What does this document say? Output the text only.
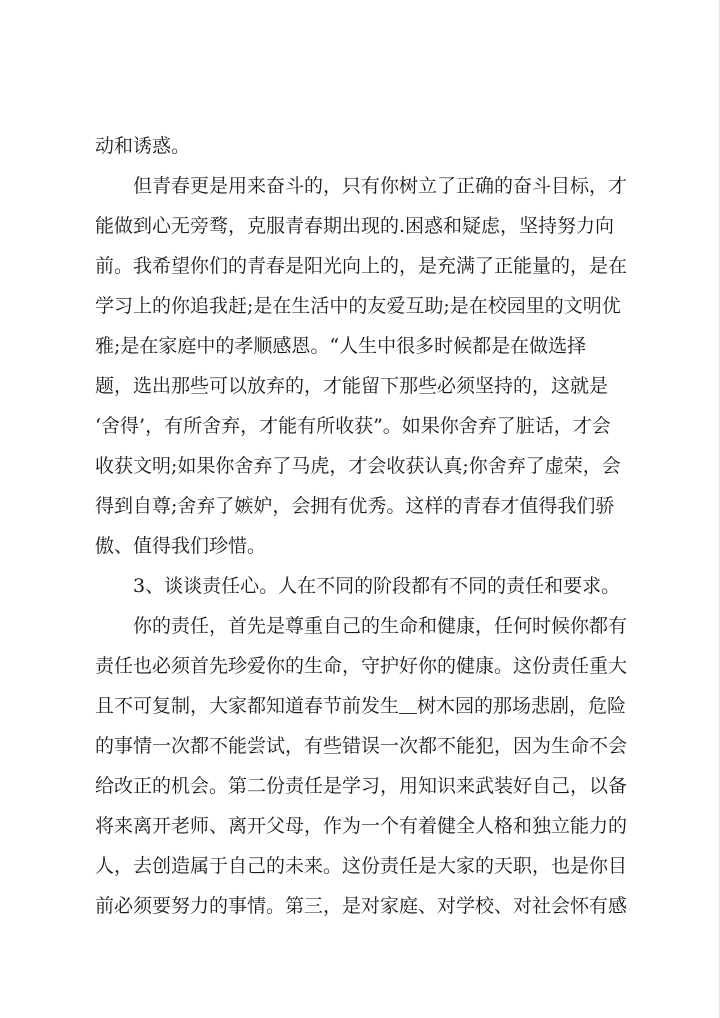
动和诱惑。
但青春更是用来奋斗的，只有你树立了正确的奋斗目标，才
能做到心无旁骛，克服青春期出现的.困惑和疑虑，坚持努力向
前。我希望你们的青春是阳光向上的，是充满了正能量的，是在
学习上的你追我赶;是在生活中的友爱互助;是在校园里的文明优
雅;是在家庭中的孝顺感恩。“人生中很多时候都是在做选择
题，选出那些可以放弃的，才能留下那些必须坚持的，这就是
‘舍得’，有所舍弃，才能有所收获”。如果你舍弃了脏话，才会
收获文明;如果你舍弃了马虎，才会收获认真;你舍弃了虚荣，会
得到自尊;舍弃了嫉妒，会拥有优秀。这样的青春才值得我们骄
傲、值得我们珍惜。
3、谈谈责任心。人在不同的阶段都有不同的责任和要求。
你的责任，首先是尊重自己的生命和健康，任何时候你都有
责任也必须首先珍爱你的生命，守护好你的健康。这份责任重大
且不可复制，大家都知道春节前发生 树木园的那场悲剧，危险
的事情一次都不能尝试，有些错误一次都不能犯，因为生命不会
给改正的机会。第二份责任是学习，用知识来武装好自己，以备
将来离开老师、离开父母，作为一个有着健全人格和独立能力的
人，去创造属于自己的未来。这份责任是大家的天职，也是你目
前必须要努力的事情。第三，是对家庭、对学校、对社会怀有感
